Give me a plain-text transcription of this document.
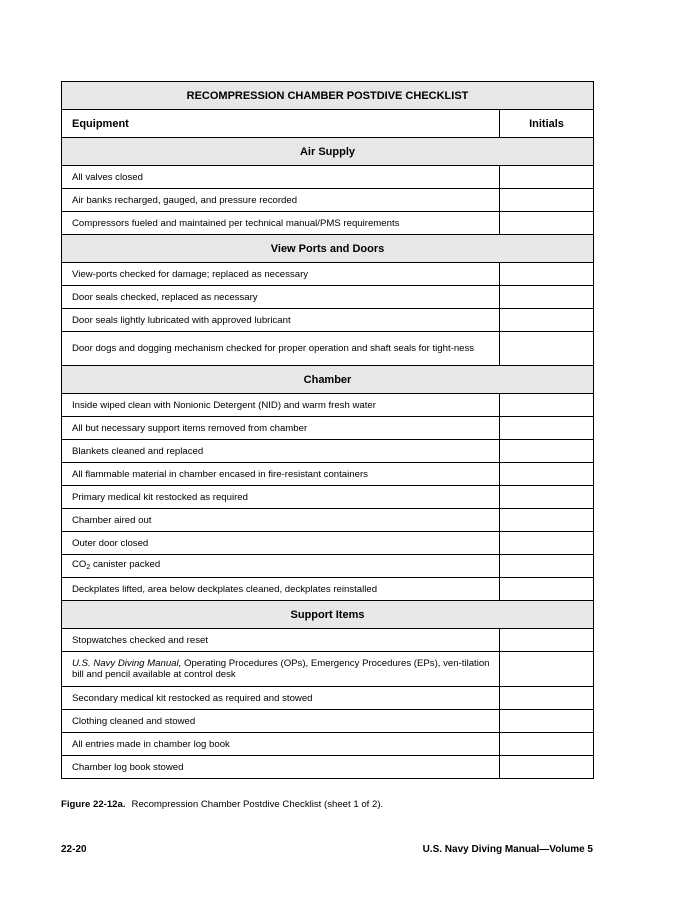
RECOMPRESSION CHAMBER POSTDIVE CHECKLIST	
Equipment	Initials
Air Supply	
All valves closed	
Air banks recharged, gauged, and pressure recorded	
Compressors fueled and maintained per technical manual/PMS requirements	
View Ports and Doors	
View-ports checked for damage; replaced as necessary	
Door seals checked, replaced as necessary	
Door seals lightly lubricated with approved lubricant	
Door dogs and dogging mechanism checked for proper operation and shaft seals for tight-ness	
Chamber	
Inside wiped clean with Nonionic Detergent (NID) and warm fresh water	
All but necessary support items removed from chamber	
Blankets cleaned and replaced	
All flammable material in chamber encased in fire-resistant containers	
Primary medical kit restocked as required	
Chamber aired out	
Outer door closed	
$CO_2$ canister packed	
Deckplates lifted, area below deckplates cleaned, deckplates reinstalled	
Support Items	
Stopwatches checked and reset	
U.S. Navy Diving Manual, Operating Procedures (OPs), Emergency Procedures (EPs), ven-tilation bill and pencil available at control desk	
Secondary medical kit restocked as required and stowed	
Clothing cleaned and stowed	
All entries made in chamber log book	
Chamber log book stowed	
Figure 22-12a. Recompression Chamber Postdive Checklist (sheet 1 of 2).
22-20	U.S. Navy Diving Manual—Volume 5
